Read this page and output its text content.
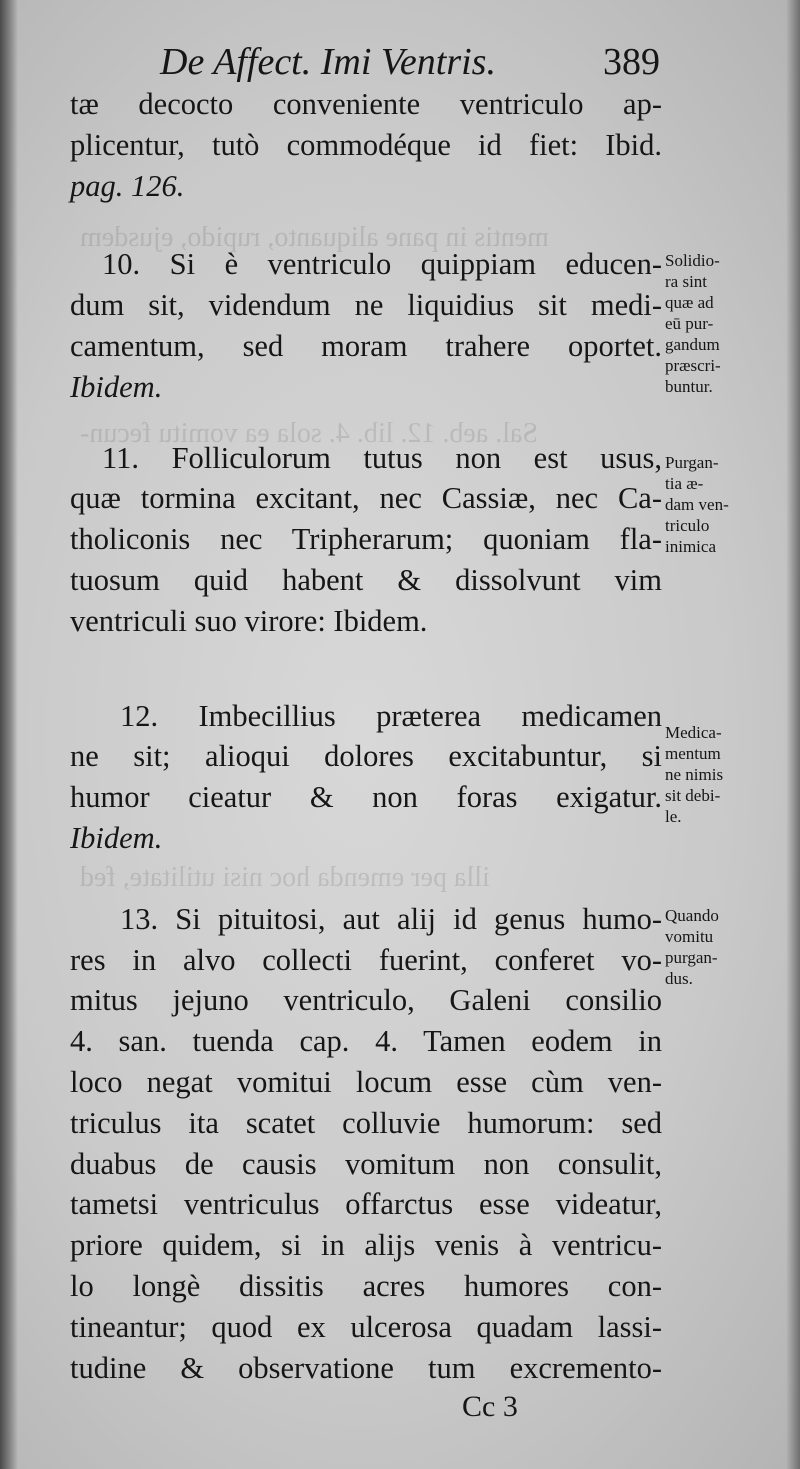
mentis in pane aliquanto, rupido, ejusdem
Sal. aeb. 12. lib. 4. sola ea vomitu fecun-
illa per emenda hoc nisi utilitate, fed
De Affect. Imi Ventris.	389
tæ decocto conveniente ventriculo ap-
plicentur, tutò commodéque id fiet: Ibid.
pag. 126.
10. Si è ventriculo quippiam educen-
dum sit, videndum ne liquidius sit medi-
camentum, sed moram trahere oportet.
Ibidem.
11. Folliculorum tutus non est usus,
quæ tormina excitant, nec Cassiæ, nec Ca-
tholiconis nec Tripherarum; quoniam fla-
tuosum quid habent & dissolvunt vim
ventriculi suo virore: Ibidem.
12. Imbecillius præterea medicamen
ne sit; alioqui dolores excitabuntur, si
humor cieatur & non foras exigatur.
Ibidem.
13. Si pituitosi, aut alij id genus humo-
res in alvo collecti fuerint, conferet vo-
mitus jejuno ventriculo, Galeni consilio
4. san. tuenda cap. 4. Tamen eodem in
loco negat vomitui locum esse cùm ven-
triculus ita scatet colluvie humorum: sed
duabus de causis vomitum non consulit,
tametsi ventriculus offarctus esse videatur,
priore quidem, si in alijs venis à ventricu-
lo longè dissitis acres humores con-
tineantur; quod ex ulcerosa quadam lassi-
tudine & observatione tum excremento-
Solidio-
ra sint
quæ ad
eū pur-
gandum
præscri-
buntur.
Purgan-
tia æ-
dam ven-
triculo
inimica
Medica-
mentum
ne nimis
sit debi-
le.
Quando
vomitu
purgan-
dus.
Cc 3
